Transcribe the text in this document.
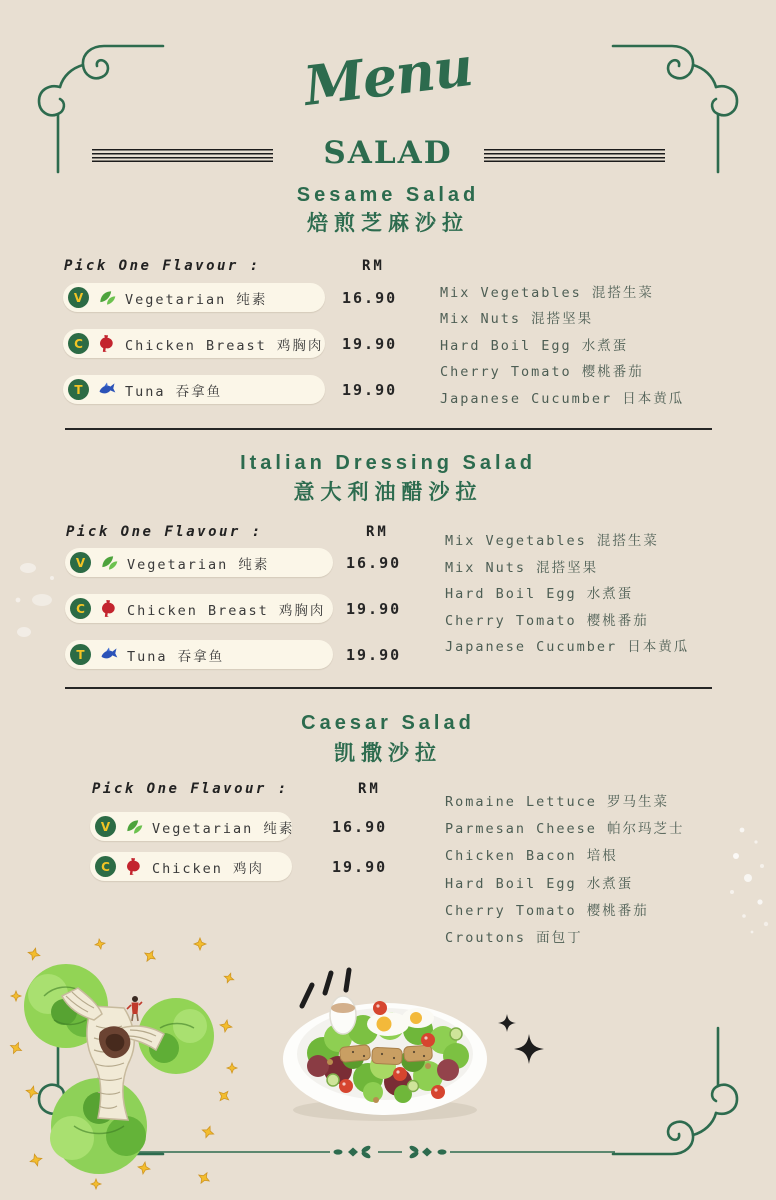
Menu
SALAD
Sesame Salad
焙煎芝麻沙拉
Pick One Flavour :	RM
V	Vegetarian 纯素	16.90
C	Chicken Breast 鸡胸肉 19.90
T	Tuna 吞拿鱼	19.90
Mix Vegetables 混搭生菜
Mix Nuts 混搭坚果
Hard Boil Egg 水煮蛋
Cherry Tomato 樱桃番茄
Japanese Cucumber 日本黄瓜
Italian Dressing Salad
意大利油醋沙拉
Pick One Flavour :	RM
V	Vegetarian 纯素	16.90
C	Chicken Breast 鸡胸肉 19.90
T	Tuna 吞拿鱼	19.90
Mix Vegetables 混搭生菜
Mix Nuts 混搭坚果
Hard Boil Egg 水煮蛋
Cherry Tomato 樱桃番茄
Japanese Cucumber 日本黄瓜
Caesar Salad
凯撒沙拉
Pick One Flavour :	RM
V	Vegetarian 纯素	16.90
C	Chicken 鸡肉	19.90
Romaine Lettuce 罗马生菜
Parmesan Cheese 帕尔玛芝士
Chicken Bacon 培根
Hard Boil Egg 水煮蛋
Cherry Tomato 樱桃番茄
Croutons 面包丁
